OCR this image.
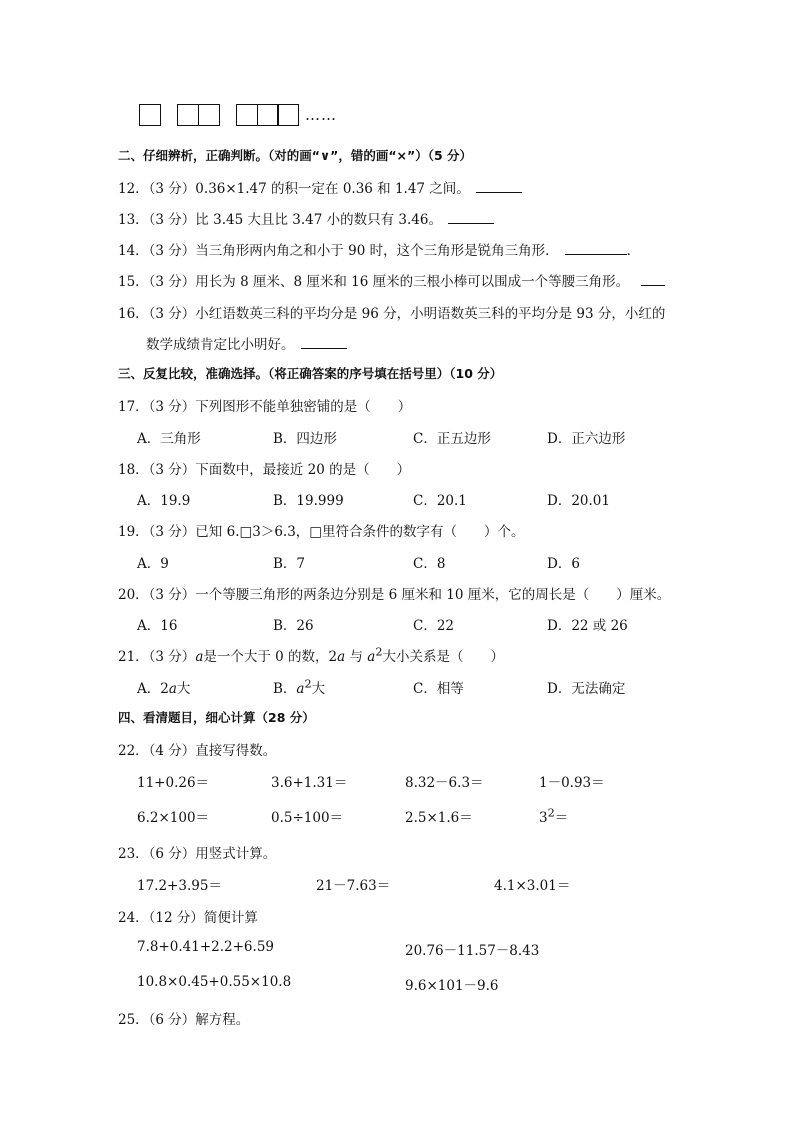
……
二、仔细辨析，正确判断。（对的画“∨”，错的画“×”）（5 分）
12．（3 分）0.36×1.47 的积一定在 0.36 和 1.47 之间。
13．（3 分）比 3.45 大且比 3.47 小的数只有 3.46。
14．（3 分）当三角形两内角之和小于 90 时，这个三角形是锐角三角形．	．
15．（3 分）用长为 8 厘米、8 厘米和 16 厘米的三根小棒可以围成一个等腰三角形。
16．（3 分）小红语数英三科的平均分是 96 分，小明语数英三科的平均分是 93 分，小红的
数学成绩肯定比小明好。
三、反复比较，准确选择。（将正确答案的序号填在括号里）（10 分）
17．（3 分）下列图形不能单独密铺的是（　　）
A．三角形	B．四边形	C．正五边形	D．正六边形
18．（3 分）下面数中，最接近 20 的是（　　）
A．19.9	B．19.999	C．20.1	D．20.01
19．（3 分）已知 6.□3＞6.3，□里符合条件的数字有（　　）个。
A．9	B．7	C．8	D．6
20．（3 分）一个等腰三角形的两条边分别是 6 厘米和 10 厘米，它的周长是（　　）厘米。
A．16	B．26	C．22	D．22 或 26
21．（3 分）a是一个大于 0 的数，2a 与 $a^2$大小关系是（　　）
A．2a大	B．$a^2$大	C．相等	D．无法确定
四、看清题目，细心计算（28 分）
22．（4 分）直接写得数。
11+0.26＝	3.6+1.31＝	8.32－6.3＝	1－0.93＝
6.2×100＝	0.5÷100＝	2.5×1.6＝	$3^2=$
23．（6 分）用竖式计算。
17.2+3.95＝	21－7.63＝	4.1×3.01＝
24．（12 分）简便计算
7.8+0.41+2.2+6.59	20.76－11.57－8.43
10.8×0.45+0.55×10.8	9.6×101－9.6
25．（6 分）解方程。
